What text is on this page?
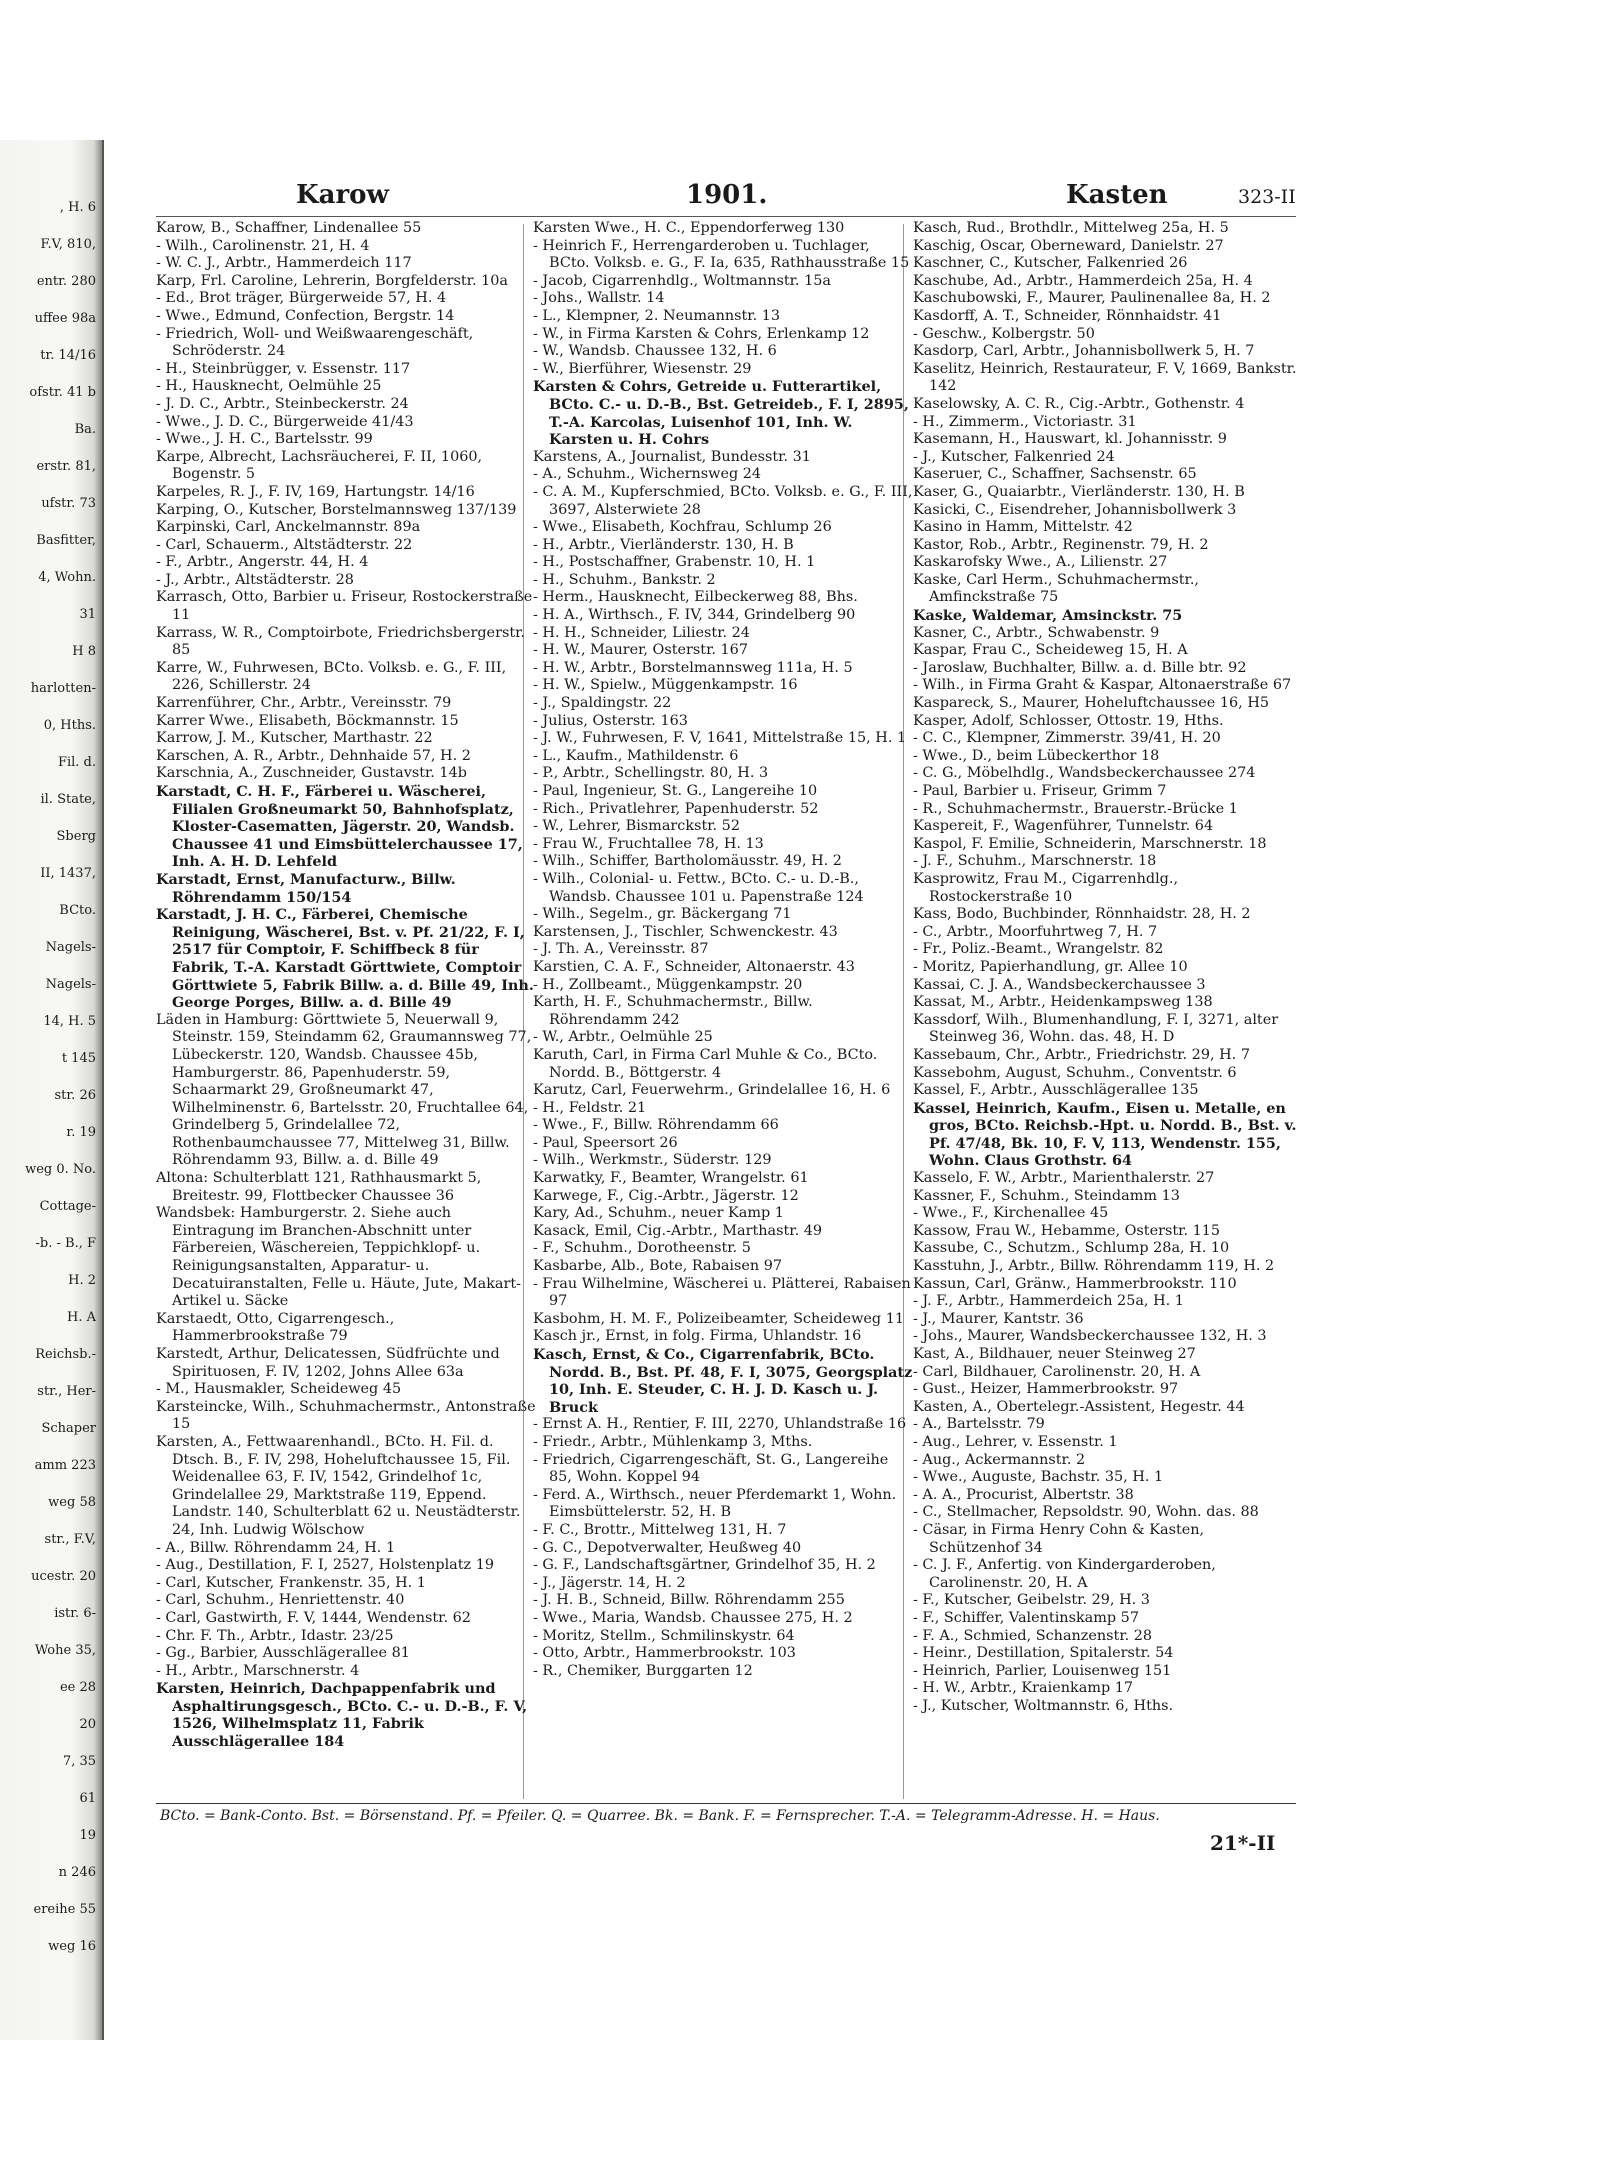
, H. 6
F.V, 810,
entr. 280
uffee 98a
tr. 14/16
ofstr. 41 b
Ba.
erstr. 81,
ufstr. 73
Basfitter,
4, Wohn.
31
H 8
harlotten-
0, Hths.
Fil. d.
il. State,
Sberg
II, 1437,
BCto.
Nagels-
Nagels-
14, H. 5
t 145
str. 26
r. 19
weg 0. No.
Cottage-
-b. - B., F
H. 2
H. A
Reichsb.-
str., Her-
Schaper
amm 223
weg 58
str., F.V,
ucestr. 20
istr. 6-
Wohe 35,
ee 28
20
7, 35
61
19
n 246
ereihe 55
weg 16
Karow	1901.	Kasten	323-II
Karow, B., Schaffner, Lindenallee 55
- Wilh., Carolinenstr. 21, H. 4
- W. C. J., Arbtr., Hammerdeich 117
Karp, Frl. Caroline, Lehrerin, Borgfelderstr. 10a
- Ed., Brot träger, Bürgerweide 57, H. 4
- Wwe., Edmund, Confection, Bergstr. 14
- Friedrich, Woll- und Weißwaarengeschäft, Schröderstr. 24
- H., Steinbrügger, v. Essenstr. 117
- H., Hausknecht, Oelmühle 25
- J. D. C., Arbtr., Steinbeckerstr. 24
- Wwe., J. D. C., Bürgerweide 41/43
- Wwe., J. H. C., Bartelsstr. 99
Karpe, Albrecht, Lachsräucherei, F. II, 1060, Bogenstr. 5
Karpeles, R. J., F. IV, 169, Hartungstr. 14/16
Karping, O., Kutscher, Borstelmannsweg 137/139
Karpinski, Carl, Anckelmannstr. 89a
- Carl, Schauerm., Altstädterstr. 22
- F., Arbtr., Angerstr. 44, H. 4
- J., Arbtr., Altstädterstr. 28
Karrasch, Otto, Barbier u. Friseur, Rostockerstraße 11
Karrass, W. R., Comptoirbote, Friedrichsbergerstr. 85
Karre, W., Fuhrwesen, BCto. Volksb. e. G., F. III, 226, Schillerstr. 24
Karrenführer, Chr., Arbtr., Vereinsstr. 79
Karrer Wwe., Elisabeth, Böckmannstr. 15
Karrow, J. M., Kutscher, Marthastr. 22
Karschen, A. R., Arbtr., Dehnhaide 57, H. 2
Karschnia, A., Zuschneider, Gustavstr. 14b
Karstadt, C. H. F., Färberei u. Wäscherei, Filialen Großneumarkt 50, Bahnhofsplatz, Kloster-Casematten, Jägerstr. 20, Wandsb. Chaussee 41 und Eimsbüttelerchaussee 17, Inh. A. H. D. Lehfeld
Karstadt, Ernst, Manufacturw., Billw. Röhrendamm 150/154
Karstadt, J. H. C., Färberei, Chemische Reinigung, Wäscherei, Bst. v. Pf. 21/22, F. I, 2517 für Comptoir, F. Schiffbeck 8 für Fabrik, T.-A. Karstadt Görttwiete, Comptoir Görttwiete 5, Fabrik Billw. a. d. Bille 49, Inh. George Porges, Billw. a. d. Bille 49
Läden in Hamburg: Görttwiete 5, Neuerwall 9, Steinstr. 159, Steindamm 62, Graumannsweg 77, Lübeckerstr. 120, Wandsb. Chaussee 45b, Hamburgerstr. 86, Papenhuderstr. 59, Schaarmarkt 29, Großneumarkt 47, Wilhelminenstr. 6, Bartelsstr. 20, Fruchtallee 64, Grindelberg 5, Grindelallee 72, Rothenbaumchaussee 77, Mittelweg 31, Billw. Röhrendamm 93, Billw. a. d. Bille 49
Altona: Schulterblatt 121, Rathhausmarkt 5, Breitestr. 99, Flottbecker Chaussee 36
Wandsbek: Hamburgerstr. 2. Siehe auch Eintragung im Branchen-Abschnitt unter Färbereien, Wäschereien, Teppichklopf- u. Reinigungsanstalten, Apparatur- u. Decatuiranstalten, Felle u. Häute, Jute, Makart-Artikel u. Säcke
Karstaedt, Otto, Cigarrengesch., Hammerbrookstraße 79
Karstedt, Arthur, Delicatessen, Südfrüchte und Spirituosen, F. IV, 1202, Johns Allee 63a
- M., Hausmakler, Scheideweg 45
Karsteincke, Wilh., Schuhmachermstr., Antonstraße 15
Karsten, A., Fettwaarenhandl., BCto. H. Fil. d. Dtsch. B., F. IV, 298, Hoheluftchaussee 15, Fil. Weidenallee 63, F. IV, 1542, Grindelhof 1c, Grindelallee 29, Marktstraße 119, Eppend. Landstr. 140, Schulterblatt 62 u. Neustädterstr. 24, Inh. Ludwig Wölschow
- A., Billw. Röhrendamm 24, H. 1
- Aug., Destillation, F. I, 2527, Holstenplatz 19
- Carl, Kutscher, Frankenstr. 35, H. 1
- Carl, Schuhm., Henriettenstr. 40
- Carl, Gastwirth, F. V, 1444, Wendenstr. 62
- Chr. F. Th., Arbtr., Idastr. 23/25
- Gg., Barbier, Ausschlägerallee 81
- H., Arbtr., Marschnerstr. 4
Karsten, Heinrich, Dachpappenfabrik und Asphaltirungsgesch., BCto. C.- u. D.-B., F. V, 1526, Wilhelmsplatz 11, Fabrik Ausschlägerallee 184
Karsten Wwe., H. C., Eppendorferweg 130
- Heinrich F., Herrengarderoben u. Tuchlager, BCto. Volksb. e. G., F. Ia, 635, Rathhausstraße 15
- Jacob, Cigarrenhdlg., Woltmannstr. 15a
- Johs., Wallstr. 14
- L., Klempner, 2. Neumannstr. 13
- W., in Firma Karsten & Cohrs, Erlenkamp 12
- W., Wandsb. Chaussee 132, H. 6
- W., Bierführer, Wiesenstr. 29
Karsten & Cohrs, Getreide u. Futterartikel, BCto. C.- u. D.-B., Bst. Getreideb., F. I, 2895, T.-A. Karcolas, Luisenhof 101, Inh. W. Karsten u. H. Cohrs
Karstens, A., Journalist, Bundesstr. 31
- A., Schuhm., Wichernsweg 24
- C. A. M., Kupferschmied, BCto. Volksb. e. G., F. III, 3697, Alsterwiete 28
- Wwe., Elisabeth, Kochfrau, Schlump 26
- H., Arbtr., Vierländerstr. 130, H. B
- H., Postschaffner, Grabenstr. 10, H. 1
- H., Schuhm., Bankstr. 2
- Herm., Hausknecht, Eilbeckerweg 88, Bhs.
- H. A., Wirthsch., F. IV, 344, Grindelberg 90
- H. H., Schneider, Liliestr. 24
- H. W., Maurer, Osterstr. 167
- H. W., Arbtr., Borstelmannsweg 111a, H. 5
- H. W., Spielw., Müggenkampstr. 16
- J., Spaldingstr. 22
- Julius, Osterstr. 163
- J. W., Fuhrwesen, F. V, 1641, Mittelstraße 15, H. 1
- L., Kaufm., Mathildenstr. 6
- P., Arbtr., Schellingstr. 80, H. 3
- Paul, Ingenieur, St. G., Langereihe 10
- Rich., Privatlehrer, Papenhuderstr. 52
- W., Lehrer, Bismarckstr. 52
- Frau W., Fruchtallee 78, H. 13
- Wilh., Schiffer, Bartholomäusstr. 49, H. 2
- Wilh., Colonial- u. Fettw., BCto. C.- u. D.-B., Wandsb. Chaussee 101 u. Papenstraße 124
- Wilh., Segelm., gr. Bäckergang 71
Karstensen, J., Tischler, Schwenckestr. 43
- J. Th. A., Vereinsstr. 87
Karstien, C. A. F., Schneider, Altonaerstr. 43
- H., Zollbeamt., Müggenkampstr. 20
Karth, H. F., Schuhmachermstr., Billw. Röhrendamm 242
- W., Arbtr., Oelmühle 25
Karuth, Carl, in Firma Carl Muhle & Co., BCto. Nordd. B., Böttgerstr. 4
Karutz, Carl, Feuerwehrm., Grindelallee 16, H. 6
- H., Feldstr. 21
- Wwe., F., Billw. Röhrendamm 66
- Paul, Speersort 26
- Wilh., Werkmstr., Süderstr. 129
Karwatky, F., Beamter, Wrangelstr. 61
Karwege, F., Cig.-Arbtr., Jägerstr. 12
Kary, Ad., Schuhm., neuer Kamp 1
Kasack, Emil, Cig.-Arbtr., Marthastr. 49
- F., Schuhm., Dorotheenstr. 5
Kasbarbe, Alb., Bote, Rabaisen 97
- Frau Wilhelmine, Wäscherei u. Plätterei, Rabaisen 97
Kasbohm, H. M. F., Polizeibeamter, Scheideweg 11
Kasch jr., Ernst, in folg. Firma, Uhlandstr. 16
Kasch, Ernst, & Co., Cigarrenfabrik, BCto. Nordd. B., Bst. Pf. 48, F. I, 3075, Georgsplatz 10, Inh. E. Steuder, C. H. J. D. Kasch u. J. Bruck
- Ernst A. H., Rentier, F. III, 2270, Uhlandstraße 16
- Friedr., Arbtr., Mühlenkamp 3, Mths.
- Friedrich, Cigarrengeschäft, St. G., Langereihe 85, Wohn. Koppel 94
- Ferd. A., Wirthsch., neuer Pferdemarkt 1, Wohn. Eimsbüttelerstr. 52, H. B
- F. C., Brottr., Mittelweg 131, H. 7
- G. C., Depotverwalter, Heußweg 40
- G. F., Landschaftsgärtner, Grindelhof 35, H. 2
- J., Jägerstr. 14, H. 2
- J. H. B., Schneid, Billw. Röhrendamm 255
- Wwe., Maria, Wandsb. Chaussee 275, H. 2
- Moritz, Stellm., Schmilinskystr. 64
- Otto, Arbtr., Hammerbrookstr. 103
- R., Chemiker, Burggarten 12
Kasch, Rud., Brothdlr., Mittelweg 25a, H. 5
Kaschig, Oscar, Oberneward, Danielstr. 27
Kaschner, C., Kutscher, Falkenried 26
Kaschube, Ad., Arbtr., Hammerdeich 25a, H. 4
Kaschubowski, F., Maurer, Paulinenallee 8a, H. 2
Kasdorff, A. T., Schneider, Rönnhaidstr. 41
- Geschw., Kolbergstr. 50
Kasdorp, Carl, Arbtr., Johannisbollwerk 5, H. 7
Kaselitz, Heinrich, Restaurateur, F. V, 1669, Bankstr. 142
Kaselowsky, A. C. R., Cig.-Arbtr., Gothenstr. 4
- H., Zimmerm., Victoriastr. 31
Kasemann, H., Hauswart, kl. Johannisstr. 9
- J., Kutscher, Falkenried 24
Kaseruer, C., Schaffner, Sachsenstr. 65
Kaser, G., Quaiarbtr., Vierländerstr. 130, H. B
Kasicki, C., Eisendreher, Johannisbollwerk 3
Kasino in Hamm, Mittelstr. 42
Kastor, Rob., Arbtr., Reginenstr. 79, H. 2
Kaskarofsky Wwe., A., Lilienstr. 27
Kaske, Carl Herm., Schuhmachermstr., Amfinckstraße 75
Kaske, Waldemar, Amsinckstr. 75
Kasner, C., Arbtr., Schwabenstr. 9
Kaspar, Frau C., Scheideweg 15, H. A
- Jaroslaw, Buchhalter, Billw. a. d. Bille btr. 92
- Wilh., in Firma Graht & Kaspar, Altonaerstraße 67
Kaspareck, S., Maurer, Hoheluftchaussee 16, H5
Kasper, Adolf, Schlosser, Ottostr. 19, Hths.
- C. C., Klempner, Zimmerstr. 39/41, H. 20
- Wwe., D., beim Lübeckerthor 18
- C. G., Möbelhdlg., Wandsbeckerchaussee 274
- Paul, Barbier u. Friseur, Grimm 7
- R., Schuhmachermstr., Brauerstr.-Brücke 1
Kaspereit, F., Wagenführer, Tunnelstr. 64
Kaspol, F. Emilie, Schneiderin, Marschnerstr. 18
- J. F., Schuhm., Marschnerstr. 18
Kasprowitz, Frau M., Cigarrenhdlg., Rostockerstraße 10
Kass, Bodo, Buchbinder, Rönnhaidstr. 28, H. 2
- C., Arbtr., Moorfuhrtweg 7, H. 7
- Fr., Poliz.-Beamt., Wrangelstr. 82
- Moritz, Papierhandlung, gr. Allee 10
Kassai, C. J. A., Wandsbeckerchaussee 3
Kassat, M., Arbtr., Heidenkampsweg 138
Kassdorf, Wilh., Blumenhandlung, F. I, 3271, alter Steinweg 36, Wohn. das. 48, H. D
Kassebaum, Chr., Arbtr., Friedrichstr. 29, H. 7
Kassebohm, August, Schuhm., Conventstr. 6
Kassel, F., Arbtr., Ausschlägerallee 135
Kassel, Heinrich, Kaufm., Eisen u. Metalle, en gros, BCto. Reichsb.-Hpt. u. Nordd. B., Bst. v. Pf. 47/48, Bk. 10, F. V, 113, Wendenstr. 155, Wohn. Claus Grothstr. 64
Kasselo, F. W., Arbtr., Marienthalerstr. 27
Kassner, F., Schuhm., Steindamm 13
- Wwe., F., Kirchenallee 45
Kassow, Frau W., Hebamme, Osterstr. 115
Kassube, C., Schutzm., Schlump 28a, H. 10
Kasstuhn, J., Arbtr., Billw. Röhrendamm 119, H. 2
Kassun, Carl, Gränw., Hammerbrookstr. 110
- J. F., Arbtr., Hammerdeich 25a, H. 1
- J., Maurer, Kantstr. 36
- Johs., Maurer, Wandsbeckerchaussee 132, H. 3
Kast, A., Bildhauer, neuer Steinweg 27
- Carl, Bildhauer, Carolinenstr. 20, H. A
- Gust., Heizer, Hammerbrookstr. 97
Kasten, A., Obertelegr.-Assistent, Hegestr. 44
- A., Bartelsstr. 79
- Aug., Lehrer, v. Essenstr. 1
- Aug., Ackermannstr. 2
- Wwe., Auguste, Bachstr. 35, H. 1
- A. A., Procurist, Albertstr. 38
- C., Stellmacher, Repsoldstr. 90, Wohn. das. 88
- Cäsar, in Firma Henry Cohn & Kasten, Schützenhof 34
- C. J. F., Anfertig. von Kindergarderoben, Carolinenstr. 20, H. A
- F., Kutscher, Geibelstr. 29, H. 3
- F., Schiffer, Valentinskamp 57
- F. A., Schmied, Schanzenstr. 28
- Heinr., Destillation, Spitalerstr. 54
- Heinrich, Parlier, Louisenweg 151
- H. W., Arbtr., Kraienkamp 17
- J., Kutscher, Woltmannstr. 6, Hths.
BCto. = Bank-Conto. Bst. = Börsenstand. Pf. = Pfeiler. Q. = Quarree. Bk. = Bank. F. = Fernsprecher. T.-A. = Telegramm-Adresse. H. = Haus.
21*-II
